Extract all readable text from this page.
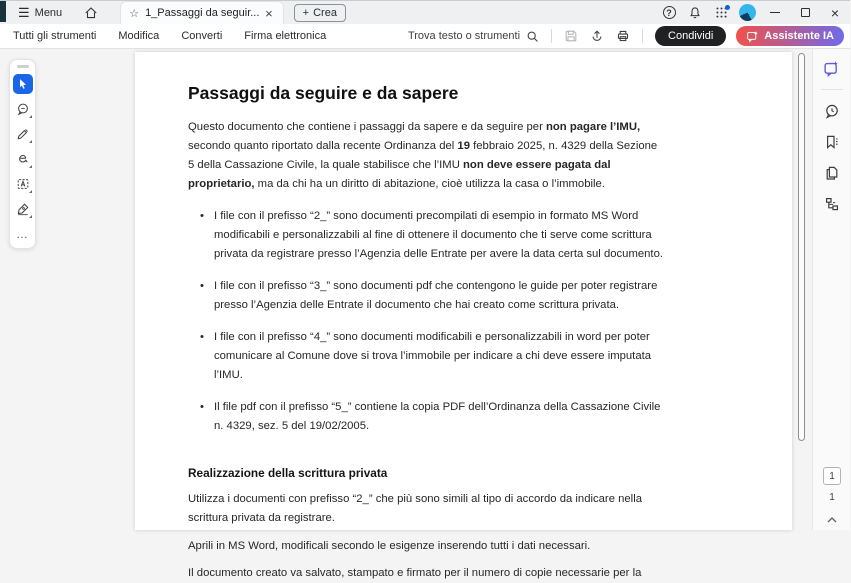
☰ Menu	☆ 1_Passaggi da seguir... ×	+ Crea	?	×
Tutti gli strumenti	Modifica	Converti	Firma elettronica	Trova testo o strumenti	Condividi	Assistente IA
…
Passaggi da seguire e da sapere
Questo documento che contiene i passaggi da sapere e da seguire per non pagare l’IMU, secondo quanto riportato dalla recente Ordinanza del 19 febbraio 2025, n. 4329 della Sezione 5 della Cassazione Civile, la quale stabilisce che l’IMU non deve essere pagata dal proprietario, ma da chi ha un diritto di abitazione, cioè utilizza la casa o l’immobile.
• I file con il prefisso “2_” sono documenti precompilati di esempio in formato MS Word modificabili e personalizzabili al fine di ottenere il documento che ti serve come scrittura privata da registrare presso l’Agenzia delle Entrate per avere la data certa sul documento.
• I file con il prefisso “3_” sono documenti pdf che contengono le guide per poter registrare presso l’Agenzia delle Entrate il documento che hai creato come scrittura privata.
• I file con il prefisso “4_” sono documenti modificabili e personalizzabili in word per poter comunicare al Comune dove si trova l’immobile per indicare a chi deve essere imputata l’IMU.
• Il file pdf con il prefisso “5_” contiene la copia PDF dell’Ordinanza della Cassazione Civile n. 4329, sez. 5 del 19/02/2005.
Realizzazione della scrittura privata
Utilizza i documenti con prefisso “2_” che più sono simili al tipo di accordo da indicare nella scrittura privata da registrare.
Aprili in MS Word, modificali secondo le esigenze inserendo tutti i dati necessari.
Il documento creato va salvato, stampato e firmato per il numero di copie necessarie per la
1
1
